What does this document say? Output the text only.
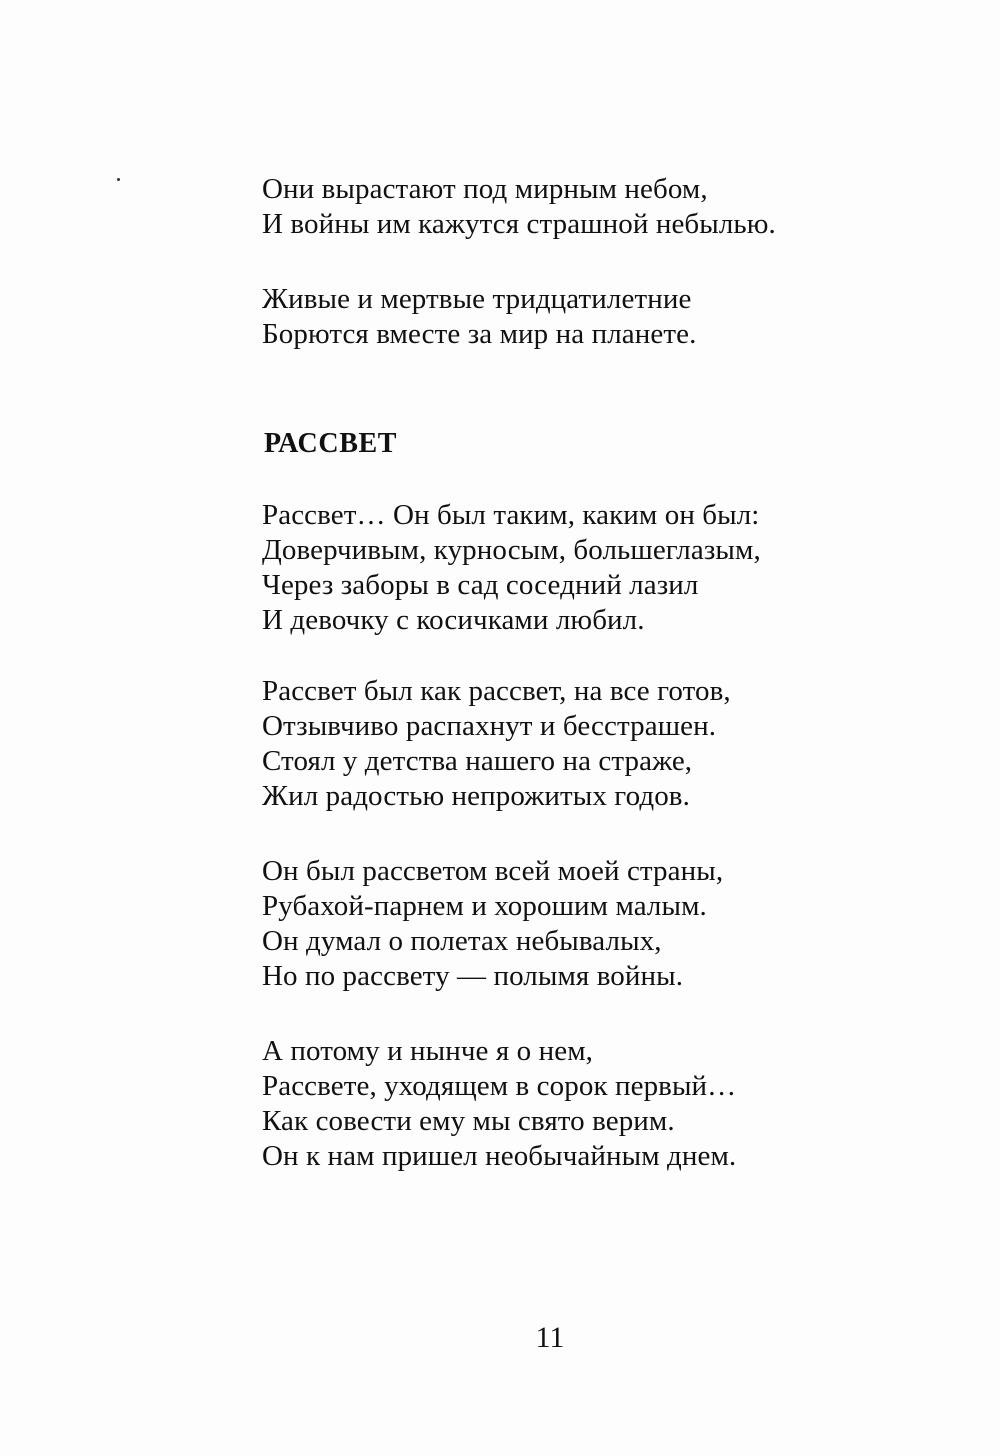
Они вырастают под мирным небом,
И войны им кажутся страшной небылью.
Живые и мертвые тридцатилетние
Борются вместе за мир на планете.
РАССВЕТ
Рассвет… Он был таким, каким он был:
Доверчивым, курносым, большеглазым,
Через заборы в сад соседний лазил
И девочку с косичками любил.
Рассвет был как рассвет, на все готов,
Отзывчиво распахнут и бесстрашен.
Стоял у детства нашего на страже,
Жил радостью непрожитых годов.
Он был рассветом всей моей страны,
Рубахой-парнем и хорошим малым.
Он думал о полетах небывалых,
Но по рассвету — полымя войны.
А потому и нынче я о нем,
Рассвете, уходящем в сорок первый…
Как совести ему мы свято верим.
Он к нам пришел необычайным днем.

11
